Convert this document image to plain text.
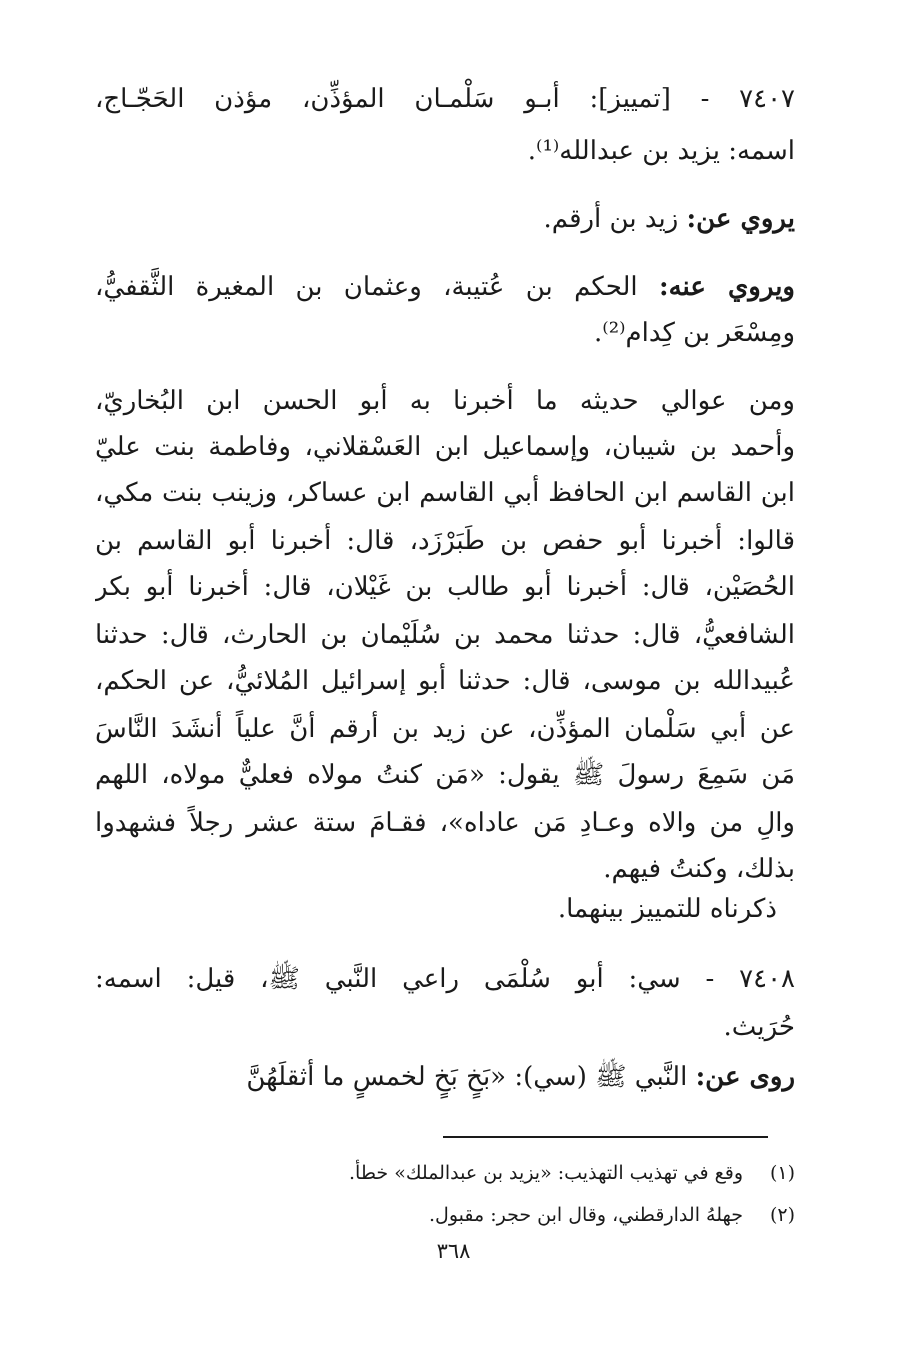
٧٤٠٧ - [تمييز]: أبـو سَلْمـان المؤذِّن، مؤذن الحَجّـاج،

اسمه: يزيد بن عبدالله⁽¹⁾.

يروي عن: زيد بن أرقم.

ويروي عنه: الحكم بن عُتيبة، وعثمان بن المغيرة الثَّقفيُّ،

ومِسْعَر بن كِدام⁽²⁾.

ومن عوالي حديثه ما أخبرنا به أبو الحسن ابن البُخاريّ،

وأحمد بن شيبان، وإسماعيل ابن العَسْقلاني، وفاطمة بنت عليّ

ابن القاسم ابن الحافظ أبي القاسم ابن عساكر، وزينب بنت مكي،

قالوا: أخبرنا أبو حفص بن طَبَرْزَد، قال: أخبرنا أبو القاسم بن

الحُصَيْن، قال: أخبرنا أبو طالب بن غَيْلان، قال: أخبرنا أبو بكر

الشافعيُّ، قال: حدثنا محمد بن سُلَيْمان بن الحارث، قال: حدثنا

عُبيدالله بن موسى، قال: حدثنا أبو إسرائيل المُلائيُّ، عن الحكم،

عن أبي سَلْمان المؤذِّن، عن زيد بن أرقم أنَّ علياً أنشَدَ النَّاسَ

مَن سَمِعَ رسولَ ﷺ يقول: «مَن كنتُ مولاه فعليٌّ مولاه، اللهم

والِ من والاه وعـادِ مَن عاداه»، فقـامَ ستة عشر رجلاً فشهدوا

بذلك، وكنتُ فيهم.

ذكرناه للتمييز بينهما.

٧٤٠٨ - سي: أبو سُلْمَى راعي النَّبي ﷺ، قيل: اسمه:

حُرَيث.

روى عن: النَّبي ﷺ (سي): «بَخٍ بَخٍ لخمسٍ ما أثقلَهُنَّ

(١)وقع في تهذيب التهذيب: «يزيد بن عبدالملك» خطأ.

(٢)جهلهُ الدارقطني، وقال ابن حجر: مقبول.

٣٦٨
